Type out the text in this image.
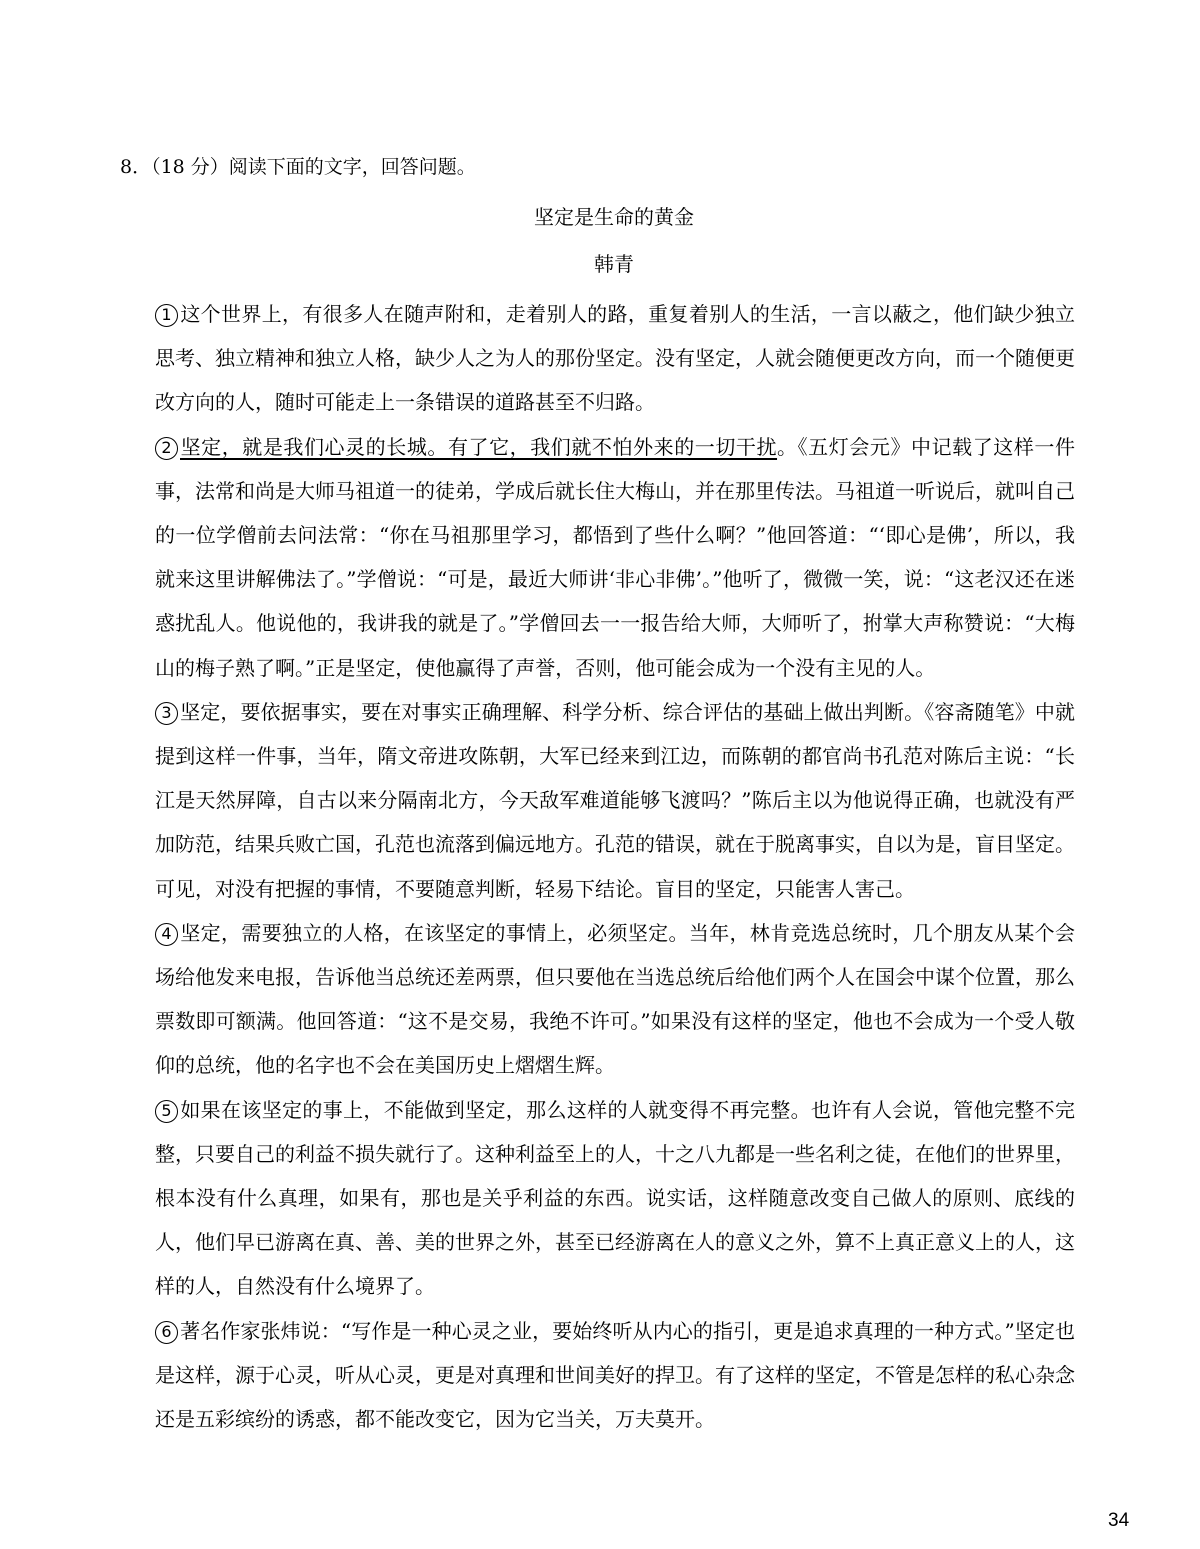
8．（18 分）阅读下面的文字，回答问题。
坚定是生命的黄金
韩青

1 这个世界上，有很多人在随声附和，走着别人的路，重复着别人的生活，一言以蔽之，他们缺少独立思考、独立精神和独立人格，缺少人之为人的那份坚定。没有坚定，人就会随便更改方向，而一个随便更改方向的人，随时可能走上一条错误的道路甚至不归路。

2 坚定，就是我们心灵的长城。有了它，我们就不怕外来的一切干扰。《五灯会元》中记载了这样一件事，法常和尚是大师马祖道一的徒弟，学成后就长住大梅山，并在那里传法。马祖道一听说后，就叫自己的一位学僧前去问法常：“你在马祖那里学习，都悟到了些什么啊？”他回答道：“‘即心是佛’，所以，我就来这里讲解佛法了。”学僧说：“可是，最近大师讲‘非心非佛’。”他听了，微微一笑，说：“这老汉还在迷惑扰乱人。他说他的，我讲我的就是了。”学僧回去一一报告给大师，大师听了，拊掌大声称赞说：“大梅山的梅子熟了啊。”正是坚定，使他赢得了声誉，否则，他可能会成为一个没有主见的人。

3 坚定，要依据事实，要在对事实正确理解、科学分析、综合评估的基础上做出判断。《容斋随笔》中就提到这样一件事，当年，隋文帝进攻陈朝，大军已经来到江边，而陈朝的都官尚书孔范对陈后主说：“长江是天然屏障，自古以来分隔南北方，今天敌军难道能够飞渡吗？”陈后主以为他说得正确，也就没有严加防范，结果兵败亡国，孔范也流落到偏远地方。孔范的错误，就在于脱离事实，自以为是，盲目坚定。可见，对没有把握的事情，不要随意判断，轻易下结论。盲目的坚定，只能害人害己。

4 坚定，需要独立的人格，在该坚定的事情上，必须坚定。当年，林肯竞选总统时，几个朋友从某个会场给他发来电报，告诉他当总统还差两票，但只要他在当选总统后给他们两个人在国会中谋个位置，那么票数即可额满。他回答道：“这不是交易，我绝不许可。”如果没有这样的坚定，他也不会成为一个受人敬仰的总统，他的名字也不会在美国历史上熠熠生辉。

5 如果在该坚定的事上，不能做到坚定，那么这样的人就变得不再完整。也许有人会说，管他完整不完整，只要自己的利益不损失就行了。这种利益至上的人，十之八九都是一些名利之徒，在他们的世界里，根本没有什么真理，如果有，那也是关乎利益的东西。说实话，这样随意改变自己做人的原则、底线的人，他们早已游离在真、善、美的世界之外，甚至已经游离在人的意义之外，算不上真正意义上的人，这样的人，自然没有什么境界了。

6 著名作家张炜说：“写作是一种心灵之业，要始终听从内心的指引，更是追求真理的一种方式。”坚定也是这样，源于心灵，听从心灵，更是对真理和世间美好的捍卫。有了这样的坚定，不管是怎样的私心杂念还是五彩缤纷的诱惑，都不能改变它，因为它当关，万夫莫开。

34
